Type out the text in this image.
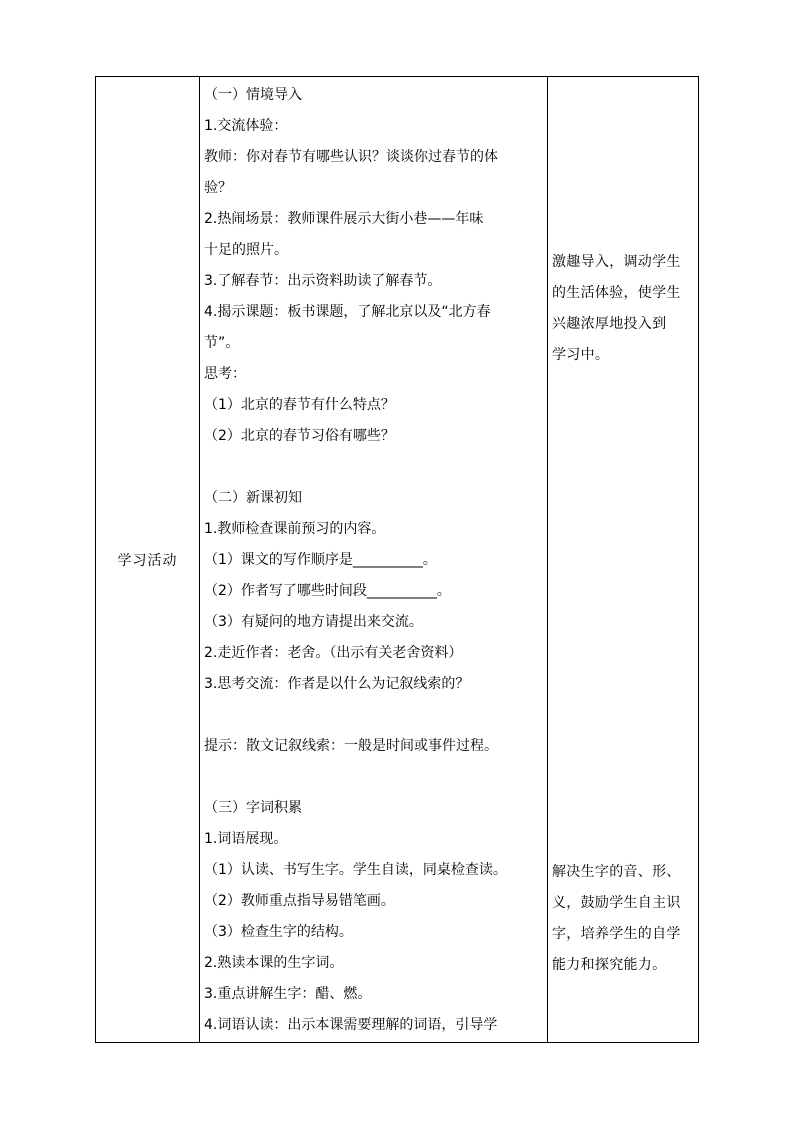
学习活动
（一）情境导入
1.交流体验：
教师：你对春节有哪些认识？谈谈你过春节的体
验？
2.热闹场景：教师课件展示大街小巷——年味
十足的照片。
3.了解春节：出示资料助读了解春节。
4.揭示课题：板书课题，了解北京以及“北方春
节”。
思考：
（1）北京的春节有什么特点？
（2）北京的春节习俗有哪些？
（二）新课初知
1.教师检查课前预习的内容。
（1）课文的写作顺序是__________。
（2）作者写了哪些时间段__________。
（3）有疑问的地方请提出来交流。
2.走近作者：老舍。（出示有关老舍资料）
3.思考交流：作者是以什么为记叙线索的？
提示：散文记叙线索：一般是时间或事件过程。
（三）字词积累
1.词语展现。
（1）认读、书写生字。学生自读，同桌检查读。
（2）教师重点指导易错笔画。
（3）检查生字的结构。
2.熟读本课的生字词。
3.重点讲解生字：醋、燃。
4.词语认读：出示本课需要理解的词语，引导学
激趣导入，调动学生
的生活体验，使学生
兴趣浓厚地投入到
学习中。
解决生字的音、形、
义，鼓励学生自主识
字，培养学生的自学
能力和探究能力。
